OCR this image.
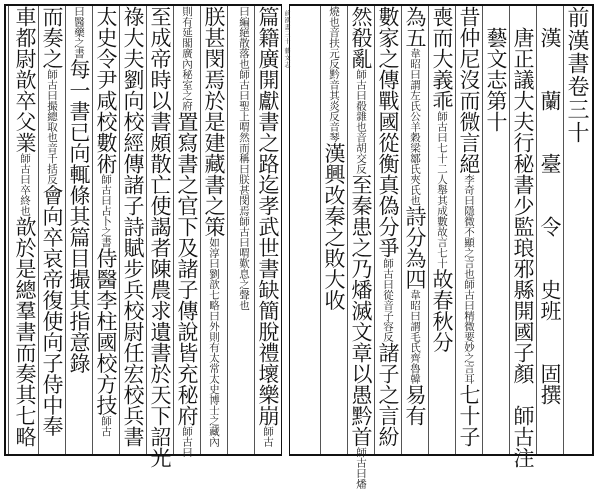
前漢書三十 藝文志	前漢書卷三十
　漢　　蘭　　臺　　令　　史班　　固撰
　唐正議大夫行秘書少監琅邪縣開國子顏　師古注
　藝文志第十
昔仲尼沒而微言絕李奇曰隱微不顯之言也師古曰精微要妙之言耳七十子
喪而大義乖師古曰七十二人舉其成數故言七十故春秋分
為五韋昭曰謂左氏公羊穀梁鄒氏夾氏也詩分為四韋昭曰謂毛氏齊魯韓易有
數家之傳戰國從衡真偽分爭師古曰從音子容反諸子之言紛
然殽亂師古曰殽雜也音胡交反至秦患之乃燔滅文章以愚黔首師古曰燔
燒也音扶元反黔音其炎反音琴漢興改秦之敗大收
篇籍廣開獻書之路迄孝武世書缺簡脫禮壞樂崩師古
曰編絕散落也師古曰聖上喟然而稱曰朕甚閔焉師古曰喟歎息之聲也
朕甚閔焉於是建藏書之策如淳曰劉歆七略曰外則有太常太史博士之藏內
則有延閣廣內秘室之府置寫書之官下及諸子傳說皆充秘府師古曰
至成帝時以書頗散亡使謁者陳農求遺書於天下詔光
祿大夫劉向校經傳諸子詩賦步兵校尉任宏校兵書
太史令尹咸校數術師古曰占卜之書侍醫李柱國校方技師古
曰醫藥之書每一書已向輒條其篇目撮其指意錄
而奏之師古曰撮總取也音千括反會向卒哀帝復使向子侍中奉
車都尉歆卒父業師古曰卒終也歆於是總羣書而奏其七略
